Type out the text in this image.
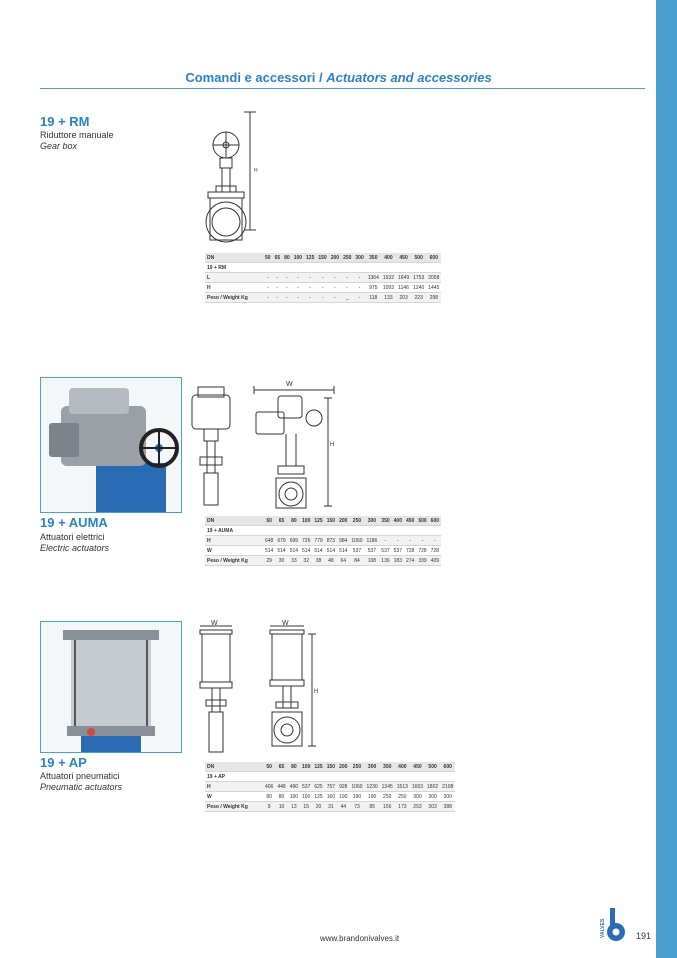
Comandi e accessori / Actuators and accessories
19 + RM
Riduttore manuale
Gear box
H
DN	50	65	80	100	125	150	200	250	300	350	400	450	500	600
19 + RM														
L	-	-	-	-	-	-	-	-	-	1364	1532	1649	1753	2058
H	-	-	-	-	-	-	-	-	-	975	1093	1146	1240	1445
Peso / Weight Kg	-	-	-	-	-	-	-	_	-	118	133	203	223	298
19 + AUMA
Attuatori elettrici
Electric actuators
W
H
DN	50	65	80	100	125	150	200	250	300	350	400	450	500	600
19 + AUMA														
H	648	679	699	726	779	873	984	1060	1186	-	-	-	-	-
W	514	514	514	514	514	514	514	537	537	537	537	728	728	728
Peso / Weight Kg	29	30	33	32	38	48	64	84	108	136	183	274	339	409
19 + AP
Attuatori pneumatici
Pneumatic actuators
W	W
H
DN	50	65	80	100	125	150	200	250	300	350	400	450	500	600
19 + AP														
H	406	448	490	537	625	757	928	1060	1230	1345	1513	1653	1802	2108
W	80	80	100	100	125	160	190	190	190	250	250	300	300	300
Peso / Weight Kg	9	10	13	15	20	31	44	73	85	156	173	253	303	388
www.brandonivalves.it
VALVES	191
